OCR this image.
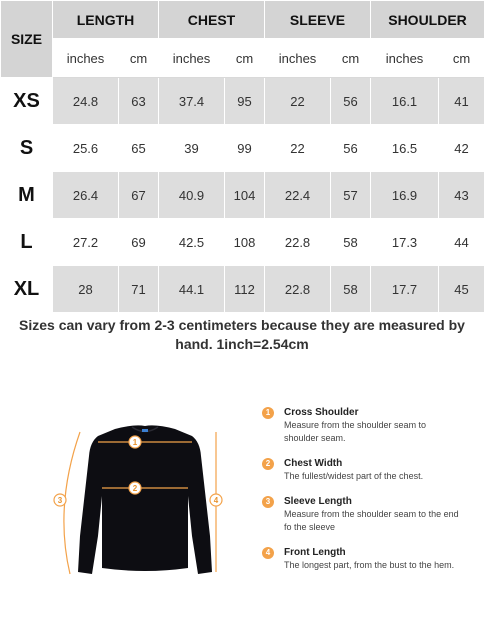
SIZE	LENGTH		CHEST		SLEEVE		SHOULDER	
	inches	cm	inches	cm	inches	cm	inches	cm
XS	24.8	63	37.4	95	22	56	16.1	41
S	25.6	65	39	99	22	56	16.5	42
M	26.4	67	40.9	104	22.4	57	16.9	43
L	27.2	69	42.5	108	22.8	58	17.3	44
XL	28	71	44.1	112	22.8	58	17.7	45
Sizes can vary from 2-3 centimeters because they are measured by hand. 1inch=2.54cm
1
2
3	4
1	Cross Shoulder
Measure from the shoulder seam to shoulder seam.
2	Chest Width
The fullest/widest part of the chest.
3	Sleeve Length
Measure from the shoulder seam to the end fo the sleeve
4	Front Length
The longest part, from the bust to the hem.
